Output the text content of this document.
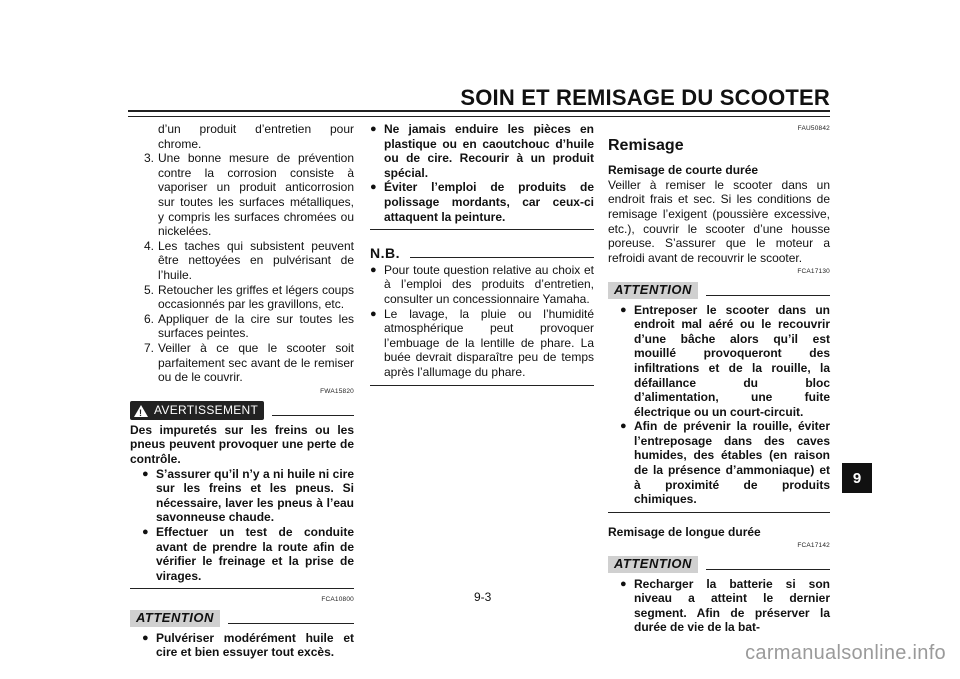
SOIN ET REMISAGE DU SCOOTER

d’un produit d’entretien pour chrome.

3. Une bonne mesure de prévention contre la corrosion consiste à vaporiser un produit anticorrosion sur toutes les surfaces métalliques, y compris les surfaces chromées ou nickelées.
4. Les taches qui subsistent peuvent être nettoyées en pulvérisant de l’huile.
5. Retoucher les griffes et légers coups occasionnés par les gravillons, etc.
6. Appliquer de la cire sur toutes les surfaces peintes.
7. Veiller à ce que le scooter soit parfaitement sec avant de le remiser ou de le couvrir.

FWA15820

! AVERTISSEMENT

Des impuretés sur les freins ou les pneus peuvent provoquer une perte de contrôle.

● S’assurer qu’il n’y a ni huile ni cire sur les freins et les pneus. Si nécessaire, laver les pneus à l’eau savonneuse chaude.
● Effectuer un test de conduite avant de prendre la route afin de vérifier le freinage et la prise de virages.

FCA10800

ATTENTION
● Pulvériser modérément huile et cire et bien essuyer tout excès.
● Ne jamais enduire les pièces en plastique ou en caoutchouc d’huile ou de cire. Recourir à un produit spécial.
● Éviter l’emploi de produits de polissage mordants, car ceux-ci attaquent la peinture.
N.B.
● Pour toute question relative au choix et à l’emploi des produits d’entretien, consulter un concessionnaire Yamaha.
● Le lavage, la pluie ou l’humidité atmosphérique peut provoquer l’embuage de la lentille de phare. La buée devrait disparaître peu de temps après l’allumage du phare.

FAU50842

Remisage

Remisage de courte durée

Veiller à remiser le scooter dans un endroit frais et sec. Si les conditions de remisage l’exigent (poussière excessive, etc.), couvrir le scooter d’une housse poreuse. S’assurer que le moteur a refroidi avant de recouvrir le scooter.

FCA17130

ATTENTION
● Entreposer le scooter dans un endroit mal aéré ou le recouvrir d’une bâche alors qu’il est mouillé provoqueront des infiltrations et de la rouille, la défaillance du bloc d’alimentation, une fuite électrique ou un court-circuit.
● Afin de prévenir la rouille, éviter l’entreposage dans des caves humides, des étables (en raison de la présence d’ammoniaque) et à proximité de produits chimiques.

Remisage de longue durée

FCA17142

ATTENTION
● Recharger la batterie si son niveau a atteint le dernier segment. Afin de préserver la durée de vie de la bat-
9
9-3
carmanualsonline.info
